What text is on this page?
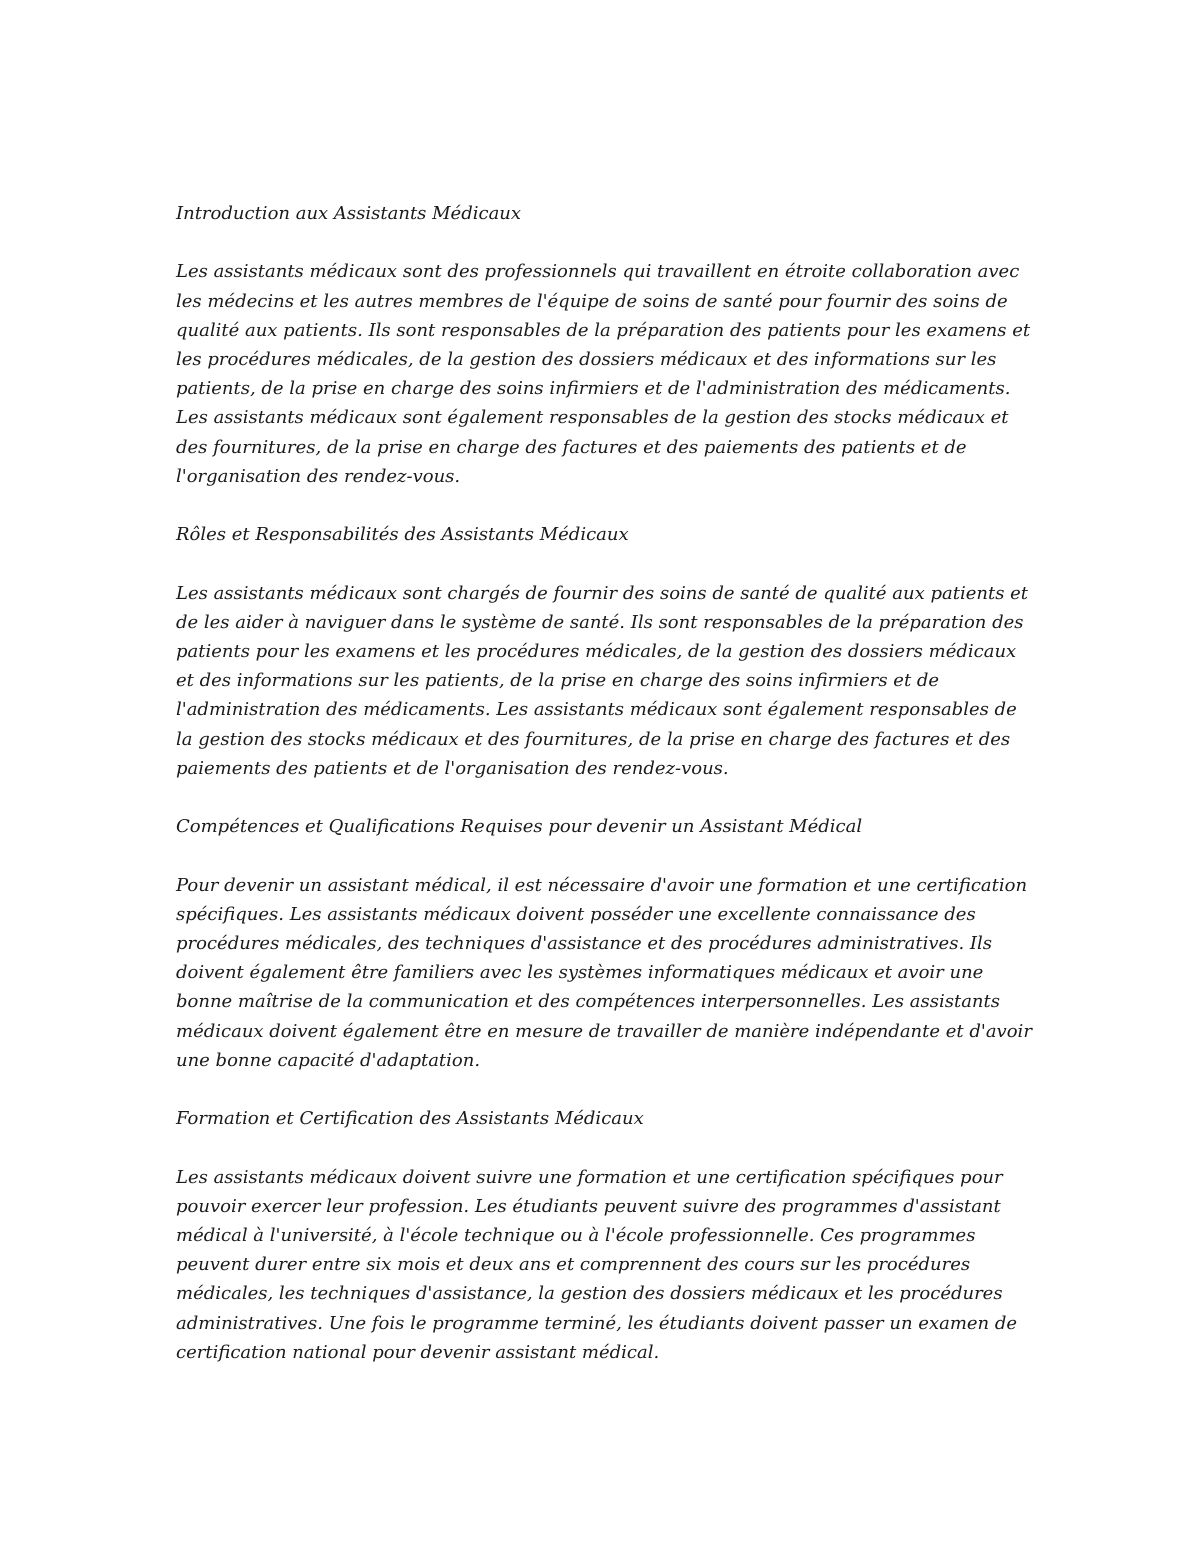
Introduction aux Assistants Médicaux

Les assistants médicaux sont des professionnels qui travaillent en étroite collaboration avec les médecins et les autres membres de l'équipe de soins de santé pour fournir des soins de qualité aux patients. Ils sont responsables de la préparation des patients pour les examens et les procédures médicales, de la gestion des dossiers médicaux et des informations sur les patients, de la prise en charge des soins infirmiers et de l'administration des médicaments. Les assistants médicaux sont également responsables de la gestion des stocks médicaux et des fournitures, de la prise en charge des factures et des paiements des patients et de l'organisation des rendez-vous.

Rôles et Responsabilités des Assistants Médicaux

Les assistants médicaux sont chargés de fournir des soins de santé de qualité aux patients et de les aider à naviguer dans le système de santé. Ils sont responsables de la préparation des patients pour les examens et les procédures médicales, de la gestion des dossiers médicaux et des informations sur les patients, de la prise en charge des soins infirmiers et de l'administration des médicaments. Les assistants médicaux sont également responsables de la gestion des stocks médicaux et des fournitures, de la prise en charge des factures et des paiements des patients et de l'organisation des rendez-vous.

Compétences et Qualifications Requises pour devenir un Assistant Médical

Pour devenir un assistant médical, il est nécessaire d'avoir une formation et une certification spécifiques. Les assistants médicaux doivent posséder une excellente connaissance des procédures médicales, des techniques d'assistance et des procédures administratives. Ils doivent également être familiers avec les systèmes informatiques médicaux et avoir une bonne maîtrise de la communication et des compétences interpersonnelles. Les assistants médicaux doivent également être en mesure de travailler de manière indépendante et d'avoir une bonne capacité d'adaptation.

Formation et Certification des Assistants Médicaux

Les assistants médicaux doivent suivre une formation et une certification spécifiques pour pouvoir exercer leur profession. Les étudiants peuvent suivre des programmes d'assistant médical à l'université, à l'école technique ou à l'école professionnelle. Ces programmes peuvent durer entre six mois et deux ans et comprennent des cours sur les procédures médicales, les techniques d'assistance, la gestion des dossiers médicaux et les procédures administratives. Une fois le programme terminé, les étudiants doivent passer un examen de certification national pour devenir assistant médical.
